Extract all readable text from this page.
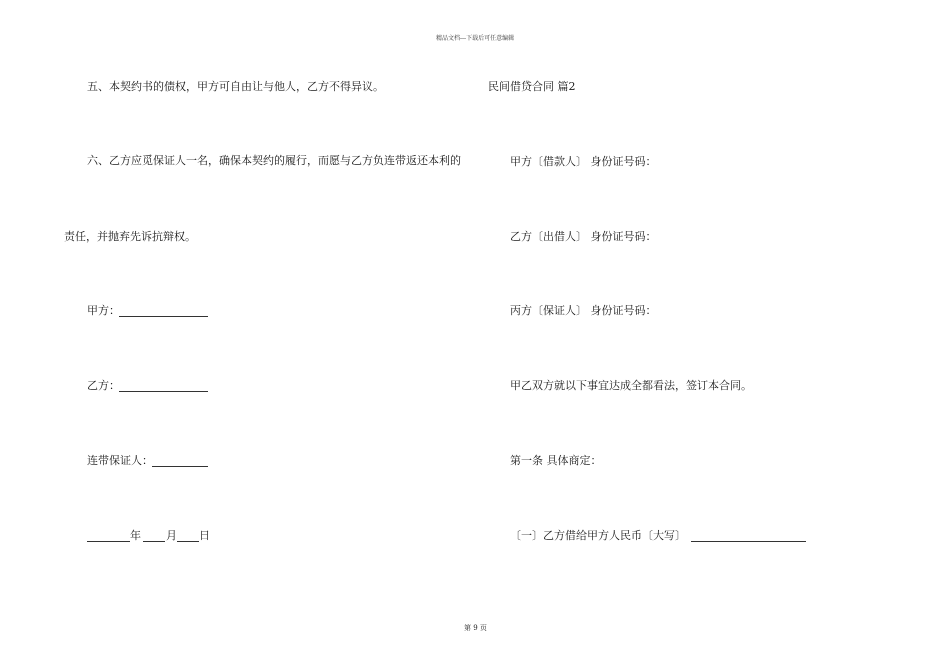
精品文档---下载后可任意编辑
五、本契约书的债权，甲方可自由让与他人，乙方不得异议。
六、乙方应觅保证人一名，确保本契约的履行，而愿与乙方负连带返还本利的
责任，并抛弃先诉抗辩权。
甲方：
乙方：
连带保证人：
年 月 日
民间借贷合同 篇2
甲方〔借款人〕 身份证号码：
乙方〔出借人〕 身份证号码：
丙方〔保证人〕 身份证号码：
甲乙双方就以下事宜达成全都看法，签订本合同。
第一条 具体商定：
〔一〕乙方借给甲方人民币〔大写〕
第 9 页
